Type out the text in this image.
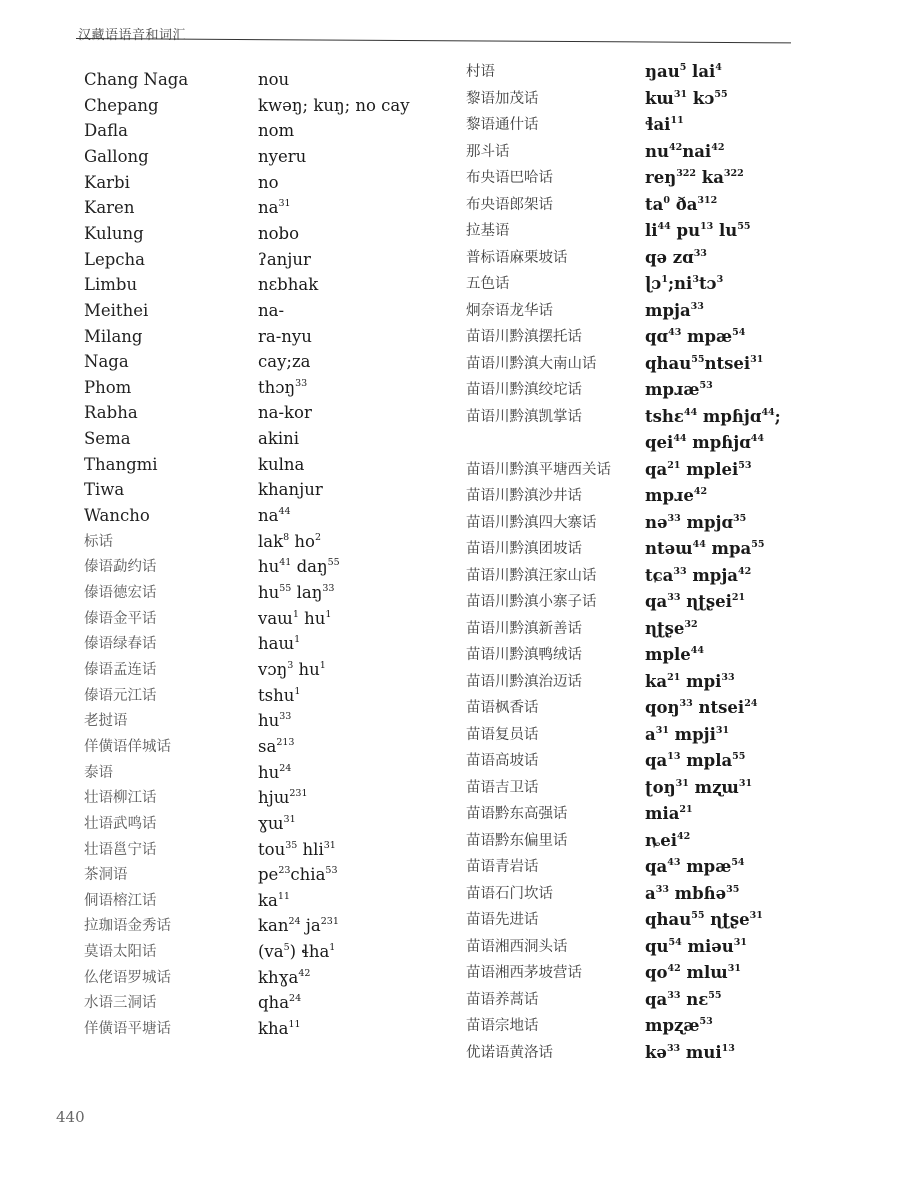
汉藏语语音和词汇
Chang Naga	nou
Chepang	kwəŋ; kuŋ; no cay
Dafla	nom
Gallong	nyeru
Karbi	no
Karen	$na^{31}$
Kulung	nobo
Lepcha	ʔanjur
Limbu	nɛbhak
Meithei	na-
Milang	ra-nyu
Naga	cay;za
Phom	thɔŋ$^{33}$
Rabha	na-kor
Sema	akini
Thangmi	kulna
Tiwa	khanjur
Wancho	$na^{44}$
标话	lak$^8$ $ho^2$
傣语勐约话	$hu^{41}$ daŋ$^{55}$
傣语德宏话	$hu^{55}$ laŋ$^{33}$
傣语金平话	vaɯ$^1$ $hu^1$
傣语绿春话	haɯ$^1$
傣语孟连话	vɔŋ$^3$ $hu^1$
傣语元江话	tshu$^1$
老挝语	$hu^{33}$
佯僙语佯城话	$sa^{213}$
泰语	$hu^{24}$
壮语柳江话	hjɯ$^{231}$
壮语武鸣话	ɣɯ$^{31}$
壮语邕宁话	tou$^{35}$ hli$^{31}$
茶洞语	$pe^{23}chia^{53}$
侗语榕江话	$ka^{11}$
拉珈语金秀话	kan$^{24}$ $ja^{231}$
莫语太阳话	$(va^5)$ ɬha$^1$
仫佬语罗城话	khɣa$^{42}$
水语三洞话	qha$^{24}$
佯僙语平塘话	kha$^{11}$
村语	ŋau$^5$ lai$^4$
黎语加茂话	kɯ$^{31}$ kɔ$^{55}$
黎语通什话	ɬai$^{11}$
那斗话	$nu^{42}nai^{42}$
布央语巴哈话	reŋ$^{322}$ $ka^{322}$
布央语郎架话	$ta^0$ $ða^{312}$
拉基语	$li^{44}$ $pu^{13}$ $lu^{55}$
普标语麻栗坡话	qə zɑ$^{33}$
五色话	$ɭɔ^1;ni^3tɔ^3$
炯奈语龙华话	mpja$^{33}$
苗语川黔滇摆托话	qɑ$^{43}$ mpæ$^{54}$
苗语川黔滇大南山话	qhau$^{55}$ntsei$^{31}$
苗语川黔滇绞坨话	mpɹæ$^{53}$
苗语川黔滇凯掌话	tshɛ$^{44}$ mpɦjɑ$^{44}$;
qei$^{44}$ mpɦjɑ$^{44}$
苗语川黔滇平塘西关话 $qa^{21}$ mplei$^{53}$
苗语川黔滇沙井话	mpɹe$^{42}$
苗语川黔滇四大寨话	nə$^{33}$ mpjɑ$^{35}$
苗语川黔滇团坡话	ntəɯ$^{44}$ mpa$^{55}$
苗语川黔滇汪家山话	tɕa$^{33}$ mpja$^{42}$
苗语川黔滇小寨子话	$qa^{33}$ ɳʈʂei$^{21}$
苗语川黔滇新善话	ɳʈʂe$^{32}$
苗语川黔滇鸭绒话	mple$^{44}$
苗语川黔滇治迈话	$ka^{21}$ mpi$^{33}$
苗语枫香话	qoŋ$^{33}$ ntsei$^{24}$
苗语复员话	$a^{31}$ mpji$^{31}$
苗语高坡话	$qa^{13}$ mpla$^{55}$
苗语吉卫话	ʈoŋ$^{31}$ mʐɯ$^{31}$
苗语黔东高强话	mia$^{21}$
苗语黔东偏里话	ȵei$^{42}$
苗语青岩话	$qa^{43}$ mpæ$^{54}$
苗语石门坎话	$a^{33}$ mbɦə$^{35}$
苗语先进话	qhau$^{55}$ ɳʈʂe$^{31}$
苗语湘西洞头话	$qu^{54}$ miəu$^{31}$
苗语湘西茅坡营话	$qo^{42}$ mlɯ$^{31}$
苗语养蒿话	$qa^{33}$ nɛ$^{55}$
苗语宗地话	mpʐæ$^{53}$
优诺语黄洛话	kə$^{33}$ mui$^{13}$
440
